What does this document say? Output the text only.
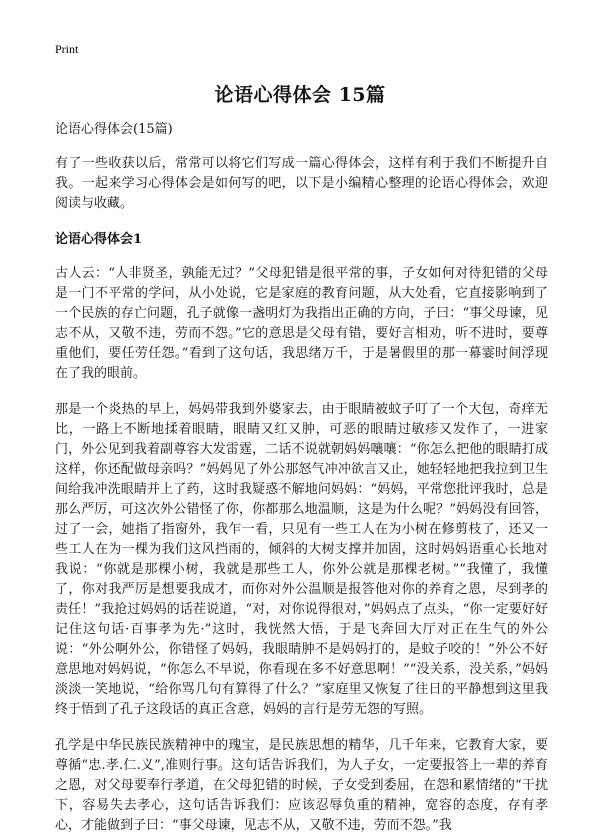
Print
论语心得体会 15篇

论语心得体会(15篇)

有了一些收获以后，常常可以将它们写成一篇心得体会，这样有利于我们不断提升自我。一起来学习心得体会是如何写的吧，以下是小编精心整理的论语心得体会，欢迎阅读与收藏。

论语心得体会1

古人云：“人非贤圣，孰能无过？”父母犯错是很平常的事，子女如何对待犯错的父母是一门不平常的学问，从小处说，它是家庭的教育问题，从大处看，它直接影响到了一个民族的存亡问题，孔子就像一盏明灯为我指出正确的方向，子曰：“事父母谏，见志不从，又敬不违，劳而不怨。”它的意思是父母有错，要好言相劝，听不进时，要尊重他们，要任劳任怨。”看到了这句话，我思绪万千，于是暑假里的那一幕霎时间浮现在了我的眼前。

那是一个炎热的早上，妈妈带我到外婆家去，由于眼睛被蚊子叮了一个大包，奇痒无比，一路上不断地揉着眼睛，眼睛又红又肿，可恶的眼睛过敏疹又发作了，一进家门，外公见到我着副尊容大发雷霆，二话不说就朝妈妈嚷嚷：“你怎么把他的眼睛打成这样，你还配做母亲吗？”妈妈见了外公那怒气冲冲欲言又止，她轻轻地把我拉到卫生间给我冲洗眼睛并上了药，这时我疑惑不解地问妈妈：“妈妈，平常您批评我时，总是那么严厉，可这次外公错怪了你，你都那么地温顺，这是为什么呢？”妈妈没有回答，过了一会，她指了指窗外，我乍一看，只见有一些工人在为小树在修剪枝了，还又一些工人在为一棵为我们这风挡雨的，倾斜的大树支撑并加固，这时妈妈语重心长地对我说：“你就是那棵小树，我就是那些工人，你外公就是那棵老树。”“我懂了，我懂了，你对我严厉是想要我成才，而你对外公温顺是报答他对你的养育之恩，尽到孝的责任！”我抢过妈妈的话茬说道，“对，对你说得很对，”妈妈点了点头，“你一定要好好记住这句话·百事孝为先·”这时，我恍然大悟，于是飞奔回大厅对正在生气的外公说：“外公啊外公，你错怪了妈妈，我眼睛肿不是妈妈打的，是蚊子咬的！”外公不好意思地对妈妈说，“你怎么不早说，你看现在多不好意思啊！”“没关系，没关系，”妈妈淡淡一笑地说，“给你骂几句有算得了什么？”家庭里又恢复了往日的平静想到这里我终于悟到了孔子这段话的真正含意，妈妈的言行是劳无怨的写照。

孔学是中华民族民族精神中的瑰宝，是民族思想的精华，几千年来，它教育大家，要尊循“忠.孝.仁.义”,准则行事。这句话告诉我们，为人子女，一定要报答上一辈的养育之恩，对父母要奉行孝道，在父母犯错的时候，子女受到委屈，在怨和累情绪的“干扰下，容易失去孝心，这句话告诉我们：应该忍辱负重的精神，宽容的态度，存有孝心，才能做到子曰：“事父母谏，见志不从，又敬不违，劳而不怨。”我
